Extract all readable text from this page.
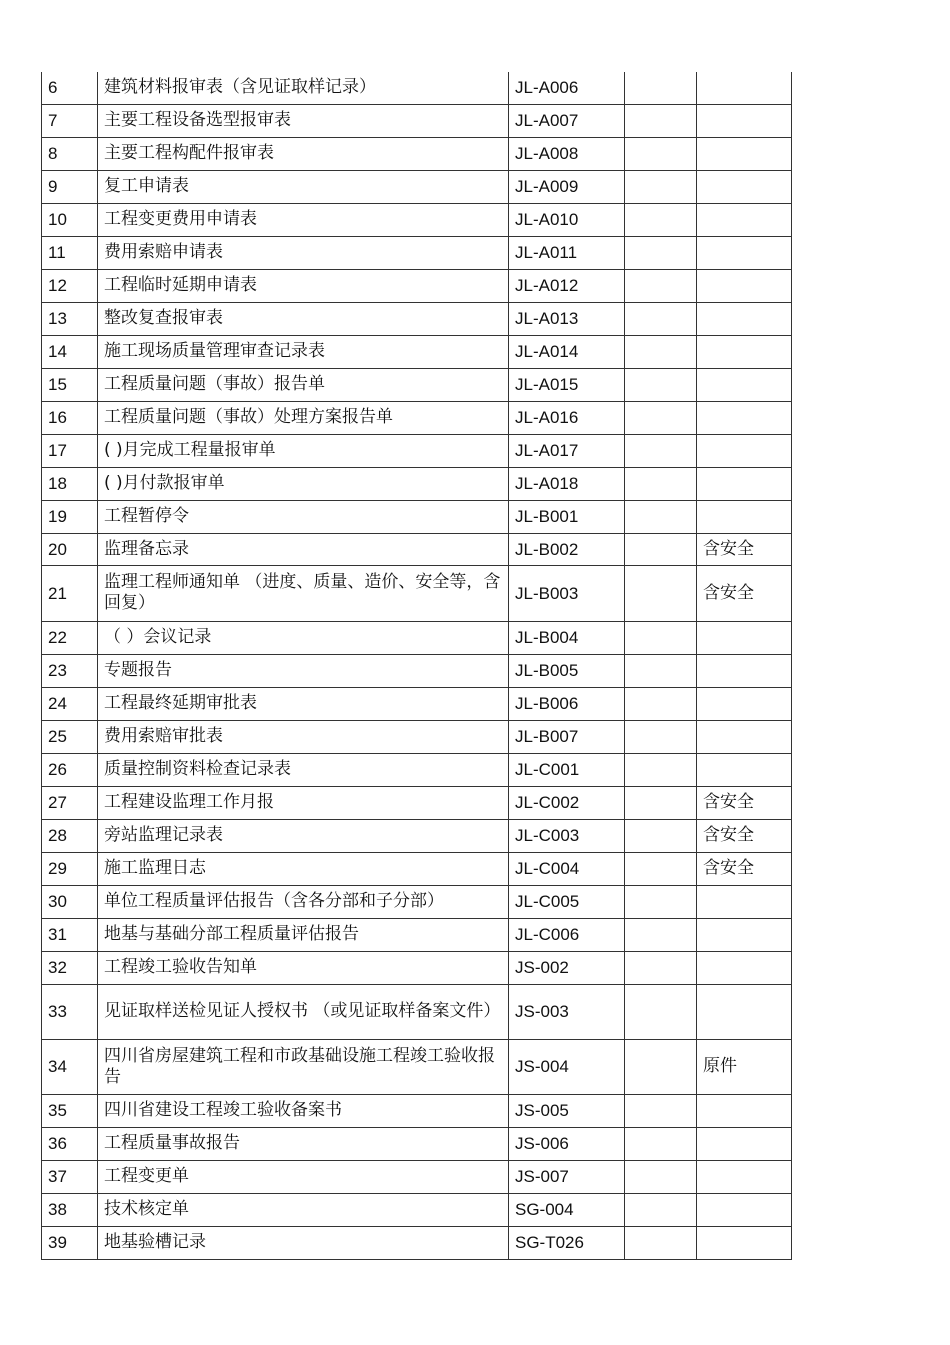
6	建筑材料报审表（含见证取样记录）	JL-A006		
7	主要工程设备选型报审表	JL-A007		
8	主要工程构配件报审表	JL-A008		
9	复工申请表	JL-A009		
10	工程变更费用申请表	JL-A010		
11	费用索赔申请表	JL-A011		
12	工程临时延期申请表	JL-A012		
13	整改复查报审表	JL-A013		
14	施工现场质量管理审查记录表	JL-A014		
15	工程质量问题（事故）报告单	JL-A015		
16	工程质量问题（事故）处理方案报告单	JL-A016		
17	( )月完成工程量报审单	JL-A017		
18	( )月付款报审单	JL-A018		
19	工程暂停令	JL-B001		
20	监理备忘录	JL-B002		含安全
21	监理工程师通知单 （进度、质量、造价、安全等，含回复）	JL-B003		含安全
22	（ ）会议记录	JL-B004		
23	专题报告	JL-B005		
24	工程最终延期审批表	JL-B006		
25	费用索赔审批表	JL-B007		
26	质量控制资料检查记录表	JL-C001		
27	工程建设监理工作月报	JL-C002		含安全
28	旁站监理记录表	JL-C003		含安全
29	施工监理日志	JL-C004		含安全
30	单位工程质量评估报告（含各分部和子分部）	JL-C005		
31	地基与基础分部工程质量评估报告	JL-C006		
32	工程竣工验收告知单	JS-002		
33	见证取样送检见证人授权书 （或见证取样备案文件）	JS-003		
34	四川省房屋建筑工程和市政基础设施工程竣工验收报告	JS-004		原件
35	四川省建设工程竣工验收备案书	JS-005		
36	工程质量事故报告	JS-006		
37	工程变更单	JS-007		
38	技术核定单	SG-004		
39	地基验槽记录	SG-T026		
